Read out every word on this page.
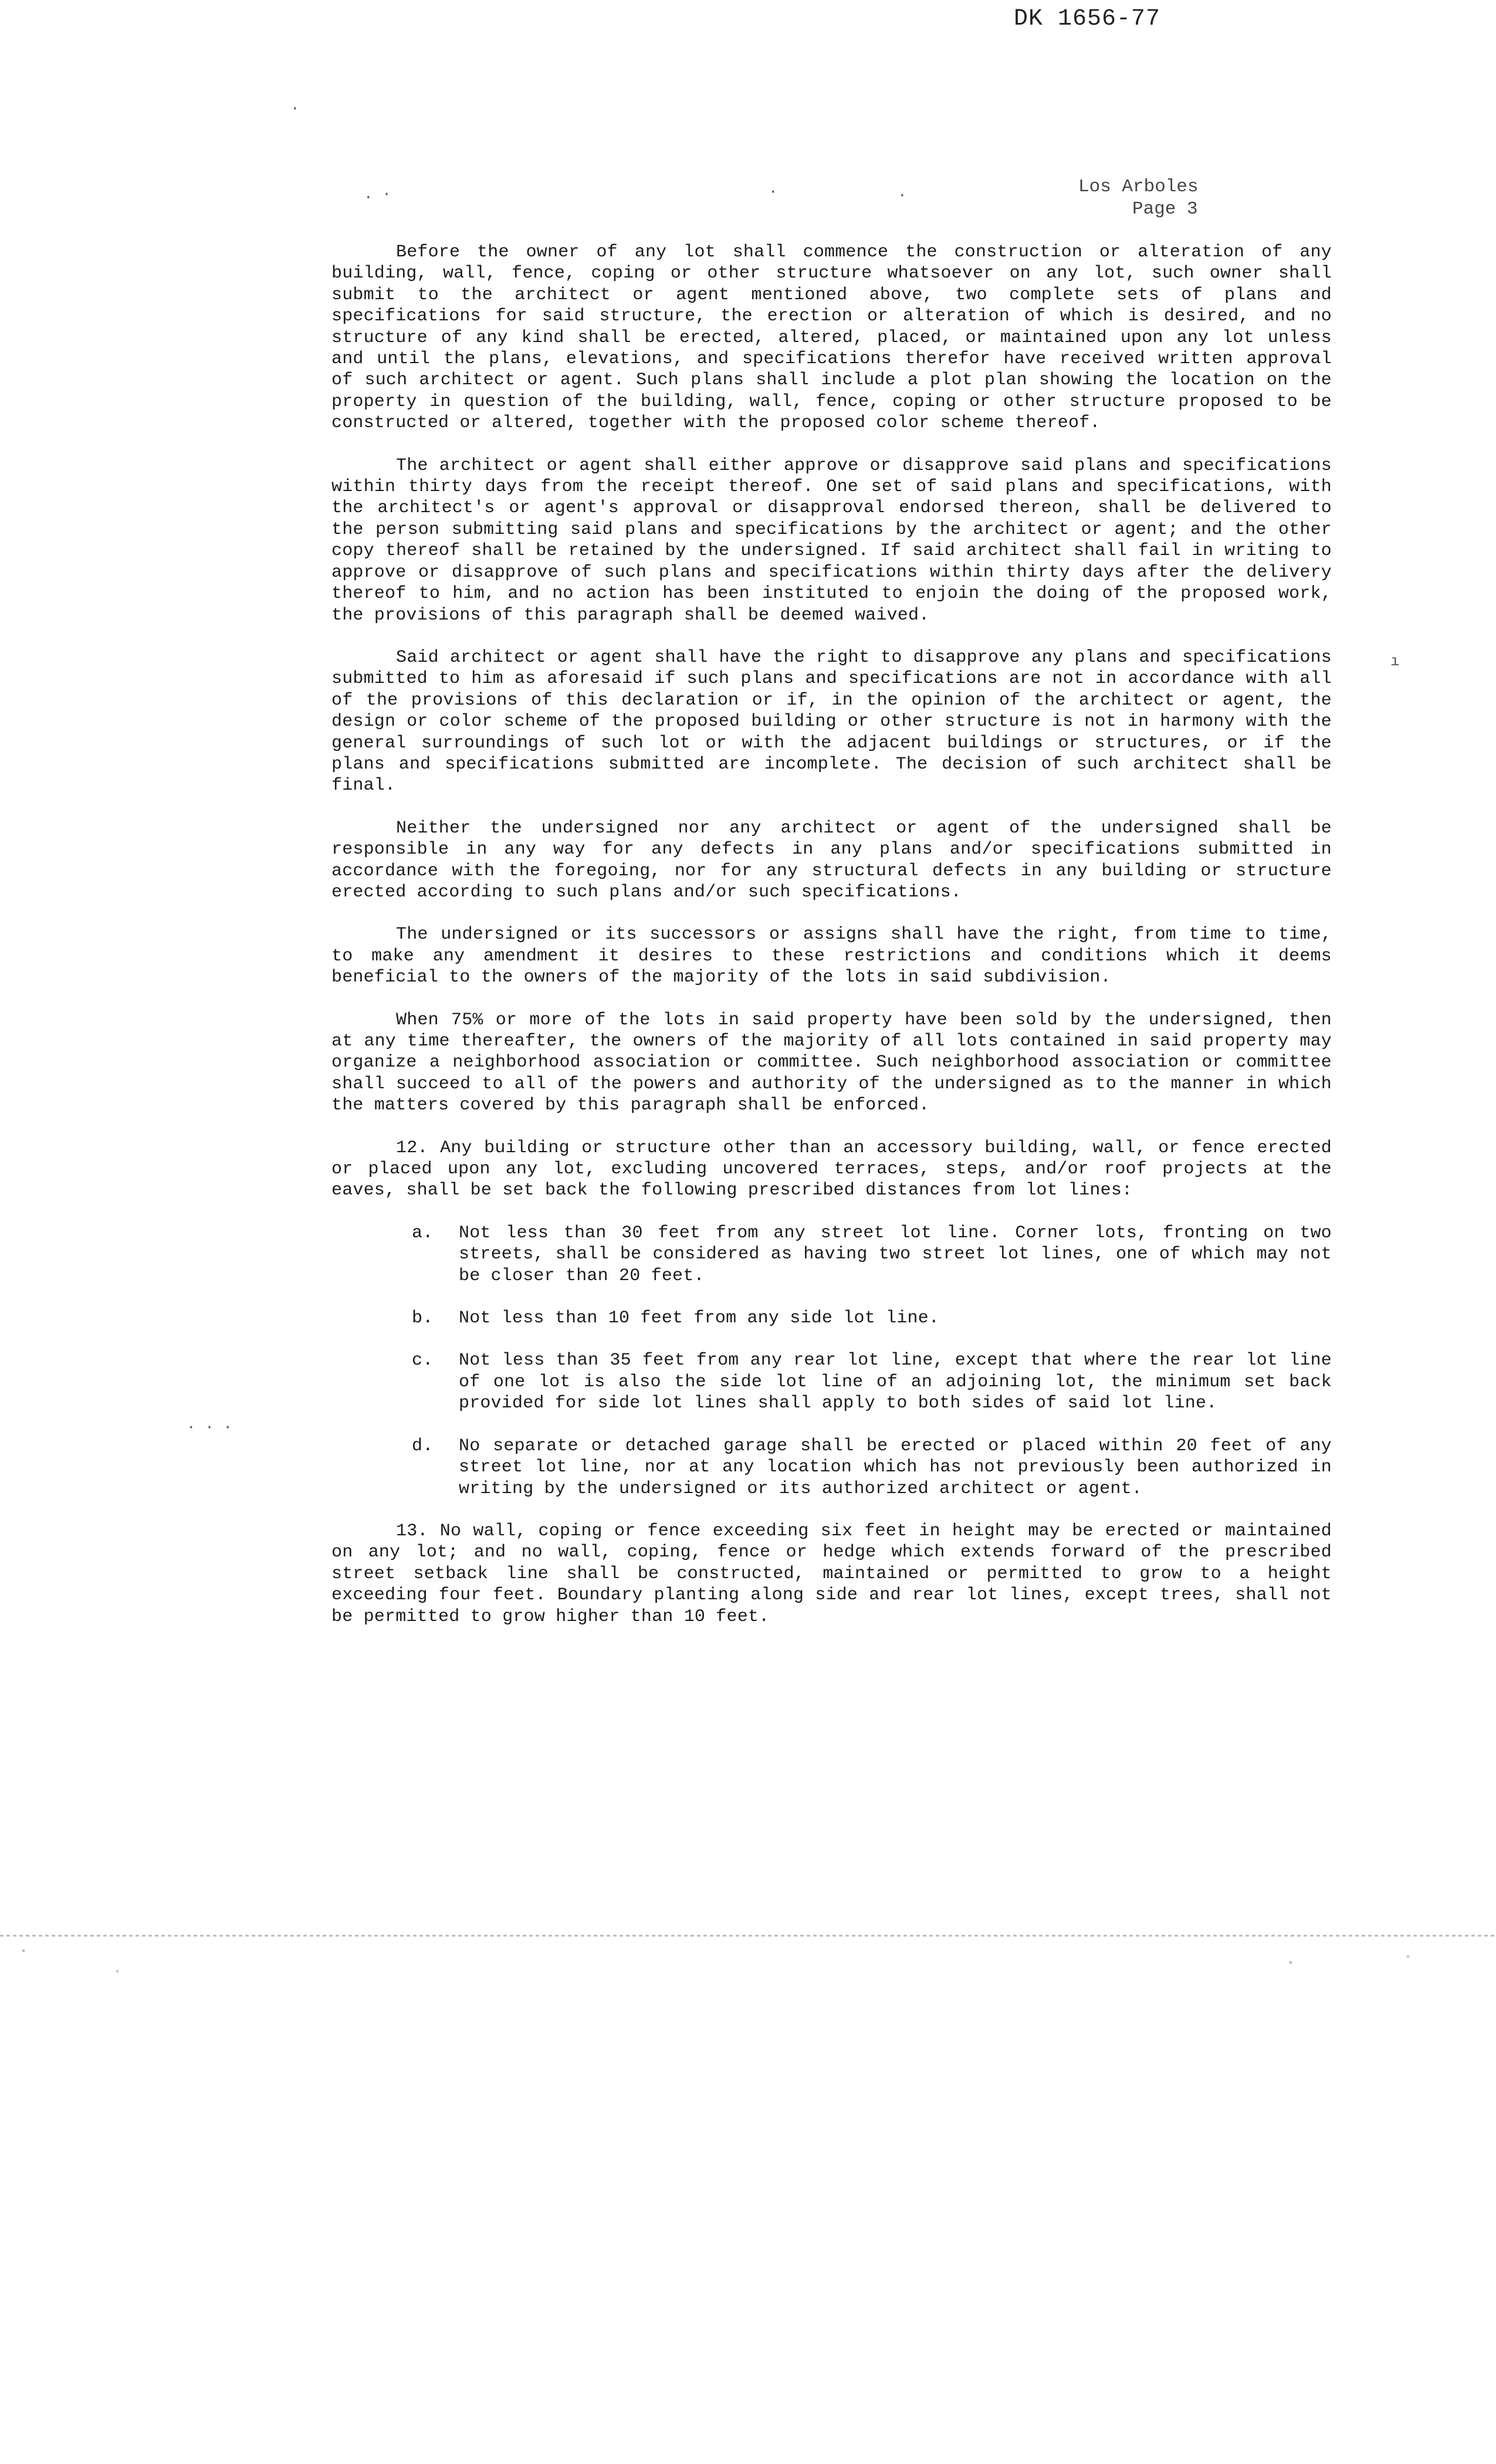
DK 1656-77
Los Arboles
Page 3
·
. ·	·	·
ı
· · ·

Before the owner of any lot shall commence the construction or alteration of any building, wall, fence, coping or other structure whatsoever on any lot, such owner shall submit to the architect or agent mentioned above, two complete sets of plans and specifications for said structure, the erection or alteration of which is desired, and no structure of any kind shall be erected, altered, placed, or maintained upon any lot unless and until the plans, elevations, and specifications therefor have received written approval of such architect or agent. Such plans shall include a plot plan showing the location on the property in question of the building, wall, fence, coping or other structure proposed to be constructed or altered, together with the proposed color scheme thereof.

The architect or agent shall either approve or disapprove said plans and specifications within thirty days from the receipt thereof. One set of said plans and specifications, with the architect's or agent's approval or disapproval endorsed thereon, shall be delivered to the person submitting said plans and specifications by the architect or agent; and the other copy thereof shall be retained by the undersigned. If said architect shall fail in writing to approve or disapprove of such plans and specifications within thirty days after the delivery thereof to him, and no action has been instituted to enjoin the doing of the proposed work, the provisions of this paragraph shall be deemed waived.

Said architect or agent shall have the right to disapprove any plans and specifications submitted to him as aforesaid if such plans and specifications are not in accordance with all of the provisions of this declaration or if, in the opinion of the architect or agent, the design or color scheme of the proposed building or other structure is not in harmony with the general surroundings of such lot or with the adjacent buildings or structures, or if the plans and specifications submitted are incomplete. The decision of such architect shall be final.

Neither the undersigned nor any architect or agent of the undersigned shall be responsible in any way for any defects in any plans and/or specifications submitted in accordance with the foregoing, nor for any structural defects in any building or structure erected according to such plans and/or such specifications.

The undersigned or its successors or assigns shall have the right, from time to time, to make any amendment it desires to these restrictions and conditions which it deems beneficial to the owners of the majority of the lots in said subdivision.

When 75% or more of the lots in said property have been sold by the undersigned, then at any time thereafter, the owners of the majority of all lots contained in said property may organize a neighborhood association or committee. Such neighborhood association or committee shall succeed to all of the powers and authority of the undersigned as to the manner in which the matters covered by this paragraph shall be enforced.

12. Any building or structure other than an accessory building, wall, or fence erected or placed upon any lot, excluding uncovered terraces, steps, and/or roof projects at the eaves, shall be set back the following prescribed distances from lot lines:

a.	Not less than 30 feet from any street lot line. Corner lots, fronting on two streets, shall be considered as having two street lot lines, one of which may not be closer than 20 feet.
b.	Not less than 10 feet from any side lot line.
c.	Not less than 35 feet from any rear lot line, except that where the rear lot line of one lot is also the side lot line of an adjoining lot, the minimum set back provided for side lot lines shall apply to both sides of said lot line.
d.	No separate or detached garage shall be erected or placed within 20 feet of any street lot line, nor at any location which has not previously been authorized in writing by the undersigned or its authorized architect or agent.

13. No wall, coping or fence exceeding six feet in height may be erected or maintained on any lot; and no wall, coping, fence or hedge which extends forward of the prescribed street setback line shall be constructed, maintained or permitted to grow to a height exceeding four feet. Boundary planting along side and rear lot lines, except trees, shall not be permitted to grow higher than 10 feet.
